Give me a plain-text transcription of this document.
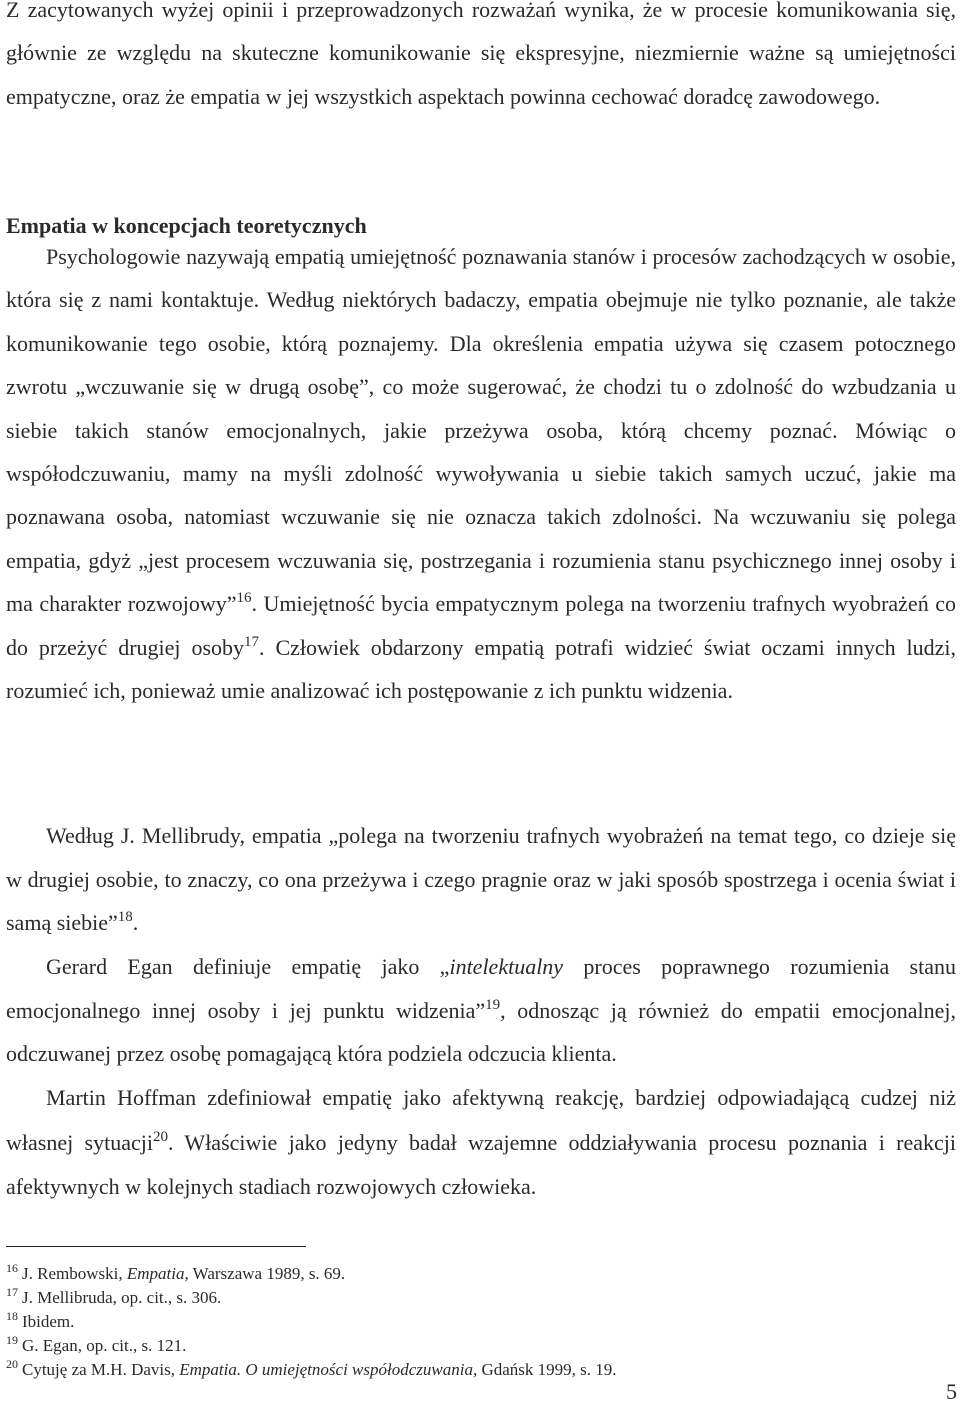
Z zacytowanych wyżej opinii i przeprowadzonych rozważań wynika, że w procesie komunikowania się, głównie ze względu na skuteczne komunikowanie się ekspresyjne, niezmiernie ważne są umiejętności empatyczne, oraz że empatia w jej wszystkich aspektach powinna cechować doradcę zawodowego.

Empatia w koncepcjach teoretycznych

Psychologowie nazywają empatią umiejętność poznawania stanów i procesów zachodzących w osobie, która się z nami kontaktuje. Według niektórych badaczy, empatia obejmuje nie tylko poznanie, ale także komunikowanie tego osobie, którą poznajemy. Dla określenia empatia używa się czasem potocznego zwrotu „wczuwanie się w drugą osobę”, co może sugerować, że chodzi tu o zdolność do wzbudzania u siebie takich stanów emocjonalnych, jakie przeżywa osoba, którą chcemy poznać. Mówiąc o współodczuwaniu, mamy na myśli zdolność wywoływania u siebie takich samych uczuć, jakie ma poznawana osoba, natomiast wczuwanie się nie oznacza takich zdolności. Na wczuwaniu się polega empatia, gdyż „jest procesem wczuwania się, postrzegania i rozumienia stanu psychicznego innej osoby i ma charakter rozwojowy”$^{16}$. Umiejętność bycia empatycznym polega na tworzeniu trafnych wyobrażeń co do przeżyć drugiej osoby$^{17}$. Człowiek obdarzony empatią potrafi widzieć świat oczami innych ludzi, rozumieć ich, ponieważ umie analizować ich postępowanie z ich punktu widzenia.

Według J. Mellibrudy, empatia „polega na tworzeniu trafnych wyobrażeń na temat tego, co dzieje się w drugiej osobie, to znaczy, co ona przeżywa i czego pragnie oraz w jaki sposób spostrzega i ocenia świat i samą siebie”$^{18}$.

Gerard Egan definiuje empatię jako „intelektualny proces poprawnego rozumienia stanu emocjonalnego innej osoby i jej punktu widzenia”$^{19}$, odnosząc ją również do empatii emocjonalnej, odczuwanej przez osobę pomagającą która podziela odczucia klienta.

Martin Hoffman zdefiniował empatię jako afektywną reakcję, bardziej odpowiadającą cudzej niż własnej sytuacji$^{20}$. Właściwie jako jedyny badał wzajemne oddziaływania procesu poznania i reakcji afektywnych w kolejnych stadiach rozwojowych człowieka.

$^{16}$ J. Rembowski, Empatia, Warszawa 1989, s. 69.

$^{17}$ J. Mellibruda, op. cit., s. 306.

$^{18}$ Ibidem.

$^{19}$ G. Egan, op. cit., s. 121.

$^{20}$ Cytuję za M.H. Davis, Empatia. O umiejętności współodczuwania, Gdańsk 1999, s. 19.

5
